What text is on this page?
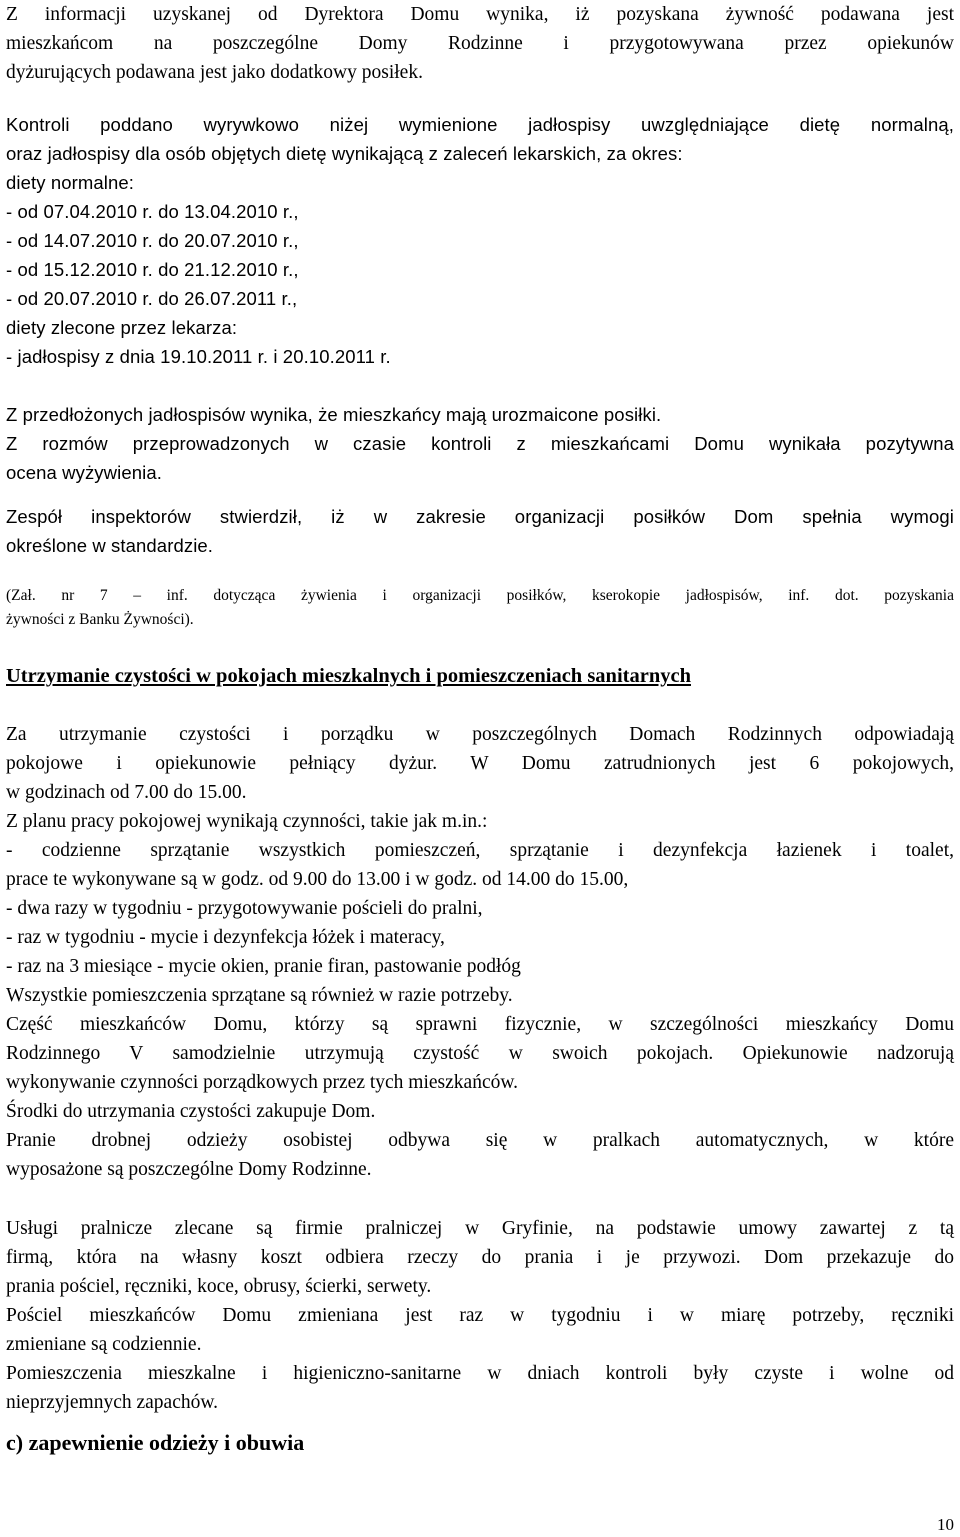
Z informacji uzyskanej od Dyrektora Domu wynika, iż pozyskana żywność podawana jest

mieszkańcom na poszczególne Domy Rodzinne i przygotowywana przez opiekunów

dyżurujących podawana jest jako dodatkowy posiłek.

Kontroli poddano wyrywkowo niżej wymienione jadłospisy uwzględniające dietę normalną,

oraz jadłospisy dla osób objętych dietę wynikającą z zaleceń lekarskich, za okres:

diety normalne:

- od 07.04.2010 r. do 13.04.2010 r.,

- od 14.07.2010 r. do 20.07.2010 r.,

- od 15.12.2010 r. do 21.12.2010 r.,

- od 20.07.2010 r. do 26.07.2011 r.,

diety zlecone przez lekarza:

- jadłospisy z dnia 19.10.2011 r. i 20.10.2011 r.

Z przedłożonych jadłospisów wynika, że mieszkańcy mają urozmaicone posiłki.

Z rozmów przeprowadzonych w czasie kontroli z mieszkańcami Domu wynikała pozytywna

ocena wyżywienia.

Zespół inspektorów stwierdził, iż w zakresie organizacji posiłków Dom spełnia wymogi

określone w standardzie.

(Zał. nr 7 – inf. dotycząca żywienia i organizacji posiłków, kserokopie jadłospisów, inf. dot. pozyskania

żywności z Banku Żywności).

Utrzymanie czystości w pokojach mieszkalnych i pomieszczeniach sanitarnych

Za utrzymanie czystości i porządku w poszczególnych Domach Rodzinnych odpowiadają

pokojowe i opiekunowie pełniący dyżur. W Domu zatrudnionych jest 6 pokojowych,

w godzinach od 7.00 do 15.00.

Z planu pracy pokojowej wynikają czynności, takie jak m.in.:

- codzienne sprzątanie wszystkich pomieszczeń, sprzątanie i dezynfekcja łazienek i toalet,

prace te wykonywane są w godz. od 9.00 do 13.00 i w godz. od 14.00 do 15.00,

- dwa razy w tygodniu - przygotowywanie pościeli do pralni,

- raz w tygodniu - mycie i dezynfekcja łóżek i materacy,

- raz na 3 miesiące - mycie okien, pranie firan, pastowanie podłóg

Wszystkie pomieszczenia sprzątane są również w razie potrzeby.

Część mieszkańców Domu, którzy są sprawni fizycznie, w szczególności mieszkańcy Domu

Rodzinnego V samodzielnie utrzymują czystość w swoich pokojach. Opiekunowie nadzorują

wykonywanie czynności porządkowych przez tych mieszkańców.

Środki do utrzymania czystości zakupuje Dom.

Pranie drobnej odzieży osobistej odbywa się w pralkach automatycznych, w które

wyposażone są poszczególne Domy Rodzinne.

Usługi pralnicze zlecane są firmie pralniczej w Gryfinie, na podstawie umowy zawartej z tą

firmą, która na własny koszt odbiera rzeczy do prania i je przywozi. Dom przekazuje do

prania pościel, ręczniki, koce, obrusy, ścierki, serwety.

Pościel mieszkańców Domu zmieniana jest raz w tygodniu i w miarę potrzeby, ręczniki

zmieniane są codziennie.

Pomieszczenia mieszkalne i higieniczno-sanitarne w dniach kontroli były czyste i wolne od

nieprzyjemnych zapachów.

c) zapewnienie odzieży i obuwia

10
